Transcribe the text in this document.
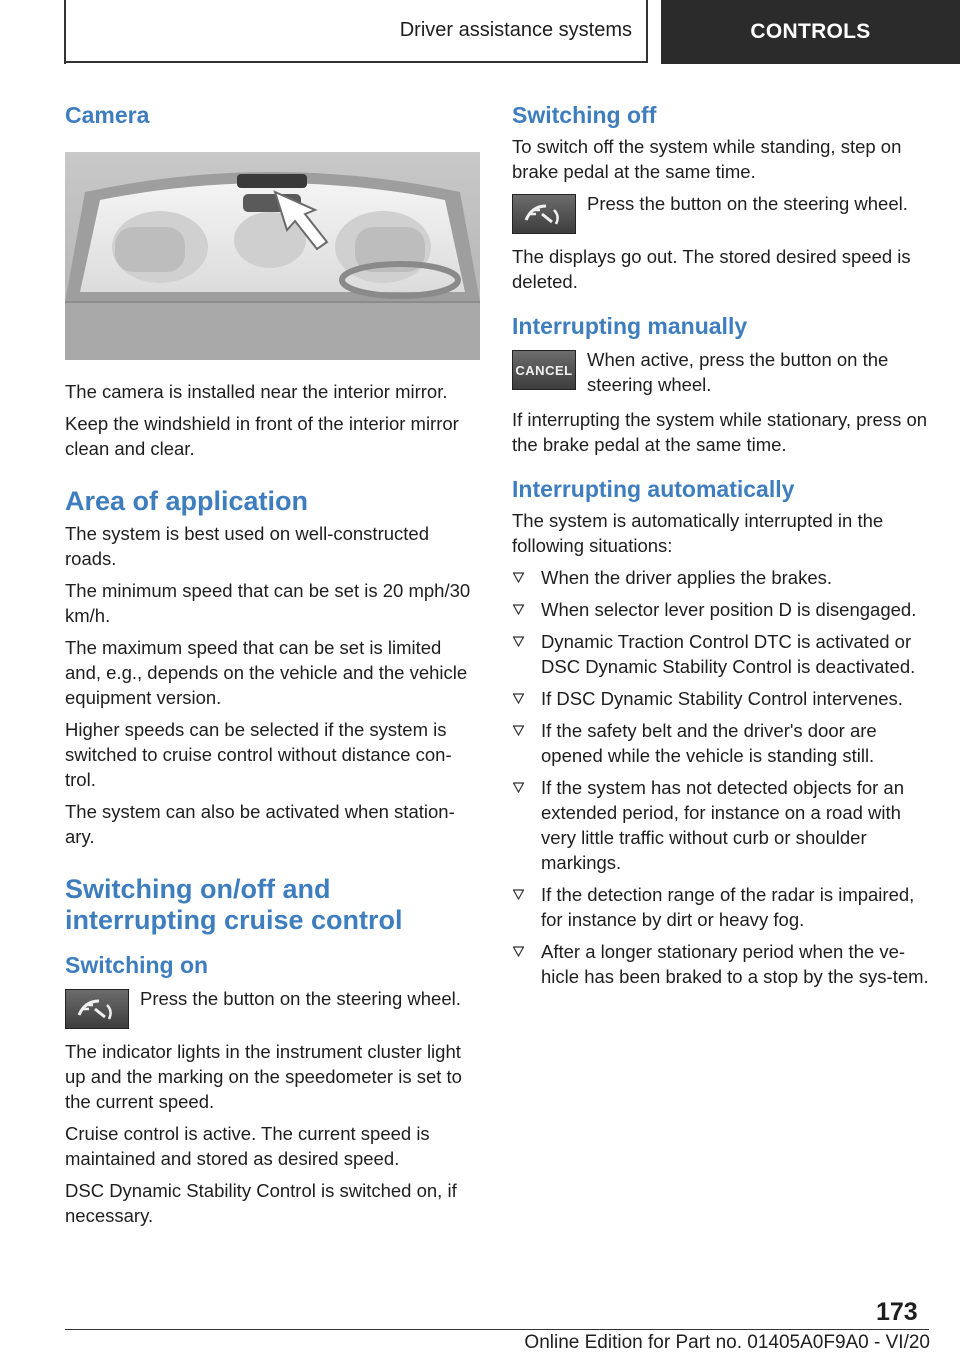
Driver assistance systems	CONTROLS
Camera

The camera is installed near the interior mirror.

Keep the windshield in front of the interior mirror clean and clear.

Area of application

The system is best used on well-constructed roads.

The minimum speed that can be set is 20 mph/30 km/h.

The maximum speed that can be set is limited and, e.g., depends on the vehicle and the vehicle equipment version.

Higher speeds can be selected if the system is switched to cruise control without distance con‐trol.

The system can also be activated when station‐ary.

Switching on/off and interrupting cruise control
Switching on
Press the button on the steering wheel.

The indicator lights in the instrument cluster light up and the marking on the speedometer is set to the current speed.

Cruise control is active. The current speed is maintained and stored as desired speed.

DSC Dynamic Stability Control is switched on, if necessary.

Switching off

To switch off the system while standing, step on brake pedal at the same time.

Press the button on the steering wheel.

The displays go out. The stored desired speed is deleted.

Interrupting manually
CANCEL When active, press the button on the steering wheel.

If interrupting the system while stationary, press on the brake pedal at the same time.

Interrupting automatically

The system is automatically interrupted in the following situations:

When the driver applies the brakes.
When selector lever position D is disengaged.
Dynamic Traction Control DTC is activated or DSC Dynamic Stability Control is deactivated.
If DSC Dynamic Stability Control intervenes.
If the safety belt and the driver's door are opened while the vehicle is standing still.
If the system has not detected objects for an extended period, for instance on a road with very little traffic without curb or shoulder markings.
If the detection range of the radar is impaired, for instance by dirt or heavy fog.
After a longer stationary period when the ve‐hicle has been braked to a stop by the sys‐tem.
173
Online Edition for Part no. 01405A0F9A0 - VI/20
